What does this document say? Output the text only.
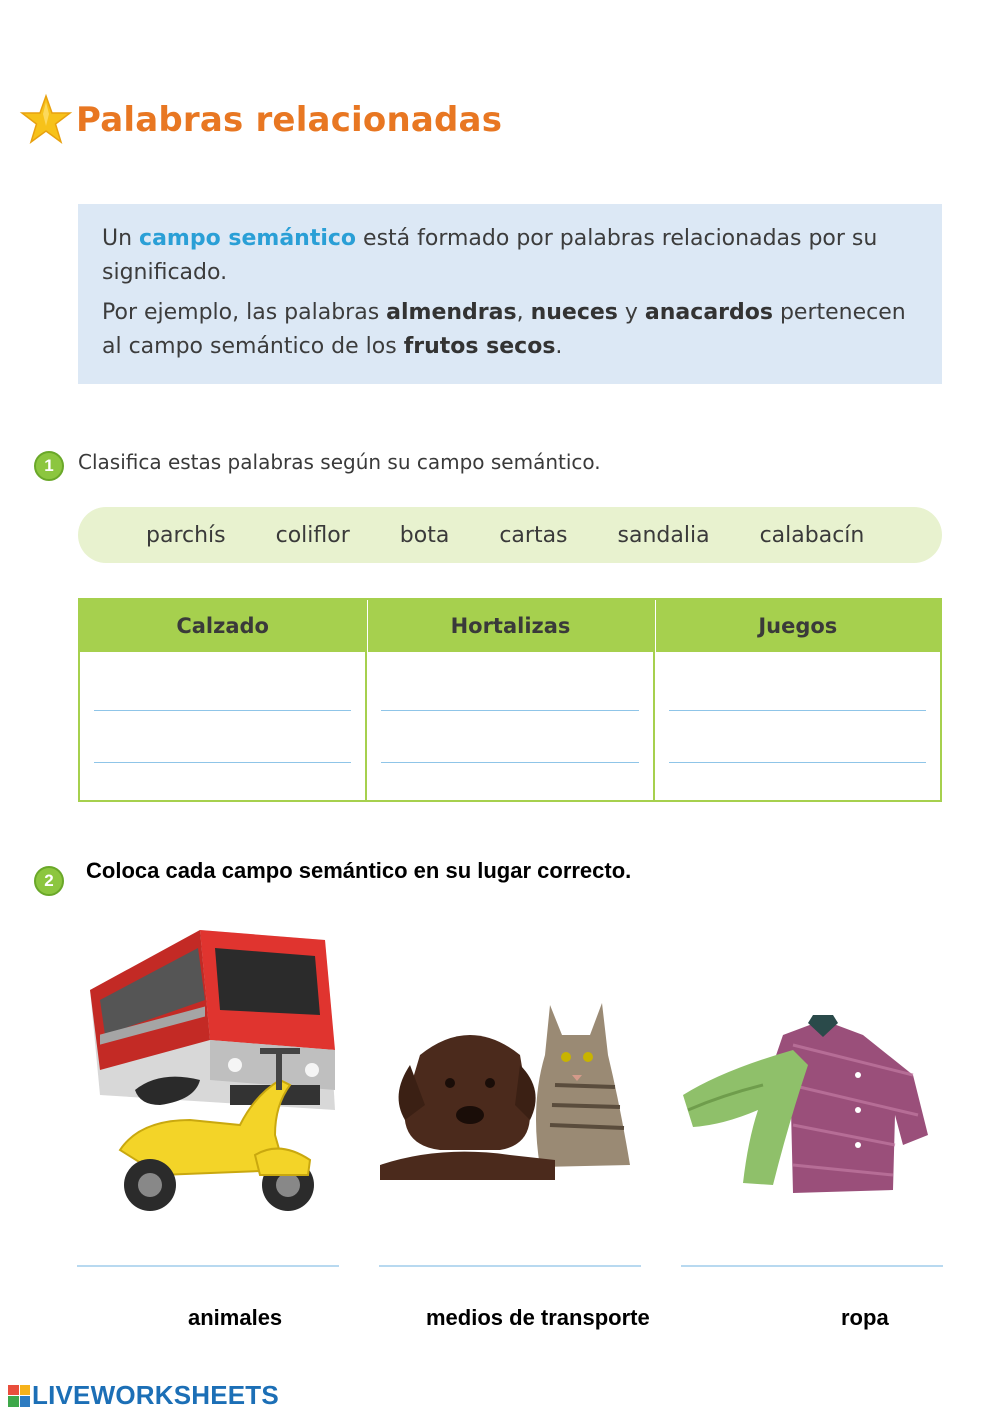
Palabras relacionadas

Un campo semántico está formado por palabras relacionadas por su significado.

Por ejemplo, las palabras almendras, nueces y anacardos pertenecen al campo semántico de los frutos secos.

1	Clasifica estas palabras según su campo semántico.
parchís coliflor bota cartas sandalia calabacín
Calzado	Hortalizas	Juegos
2	Coloca cada campo semántico en su lugar correcto.
animales	medios de transporte	ropa
LIVEWORKSHEETS
